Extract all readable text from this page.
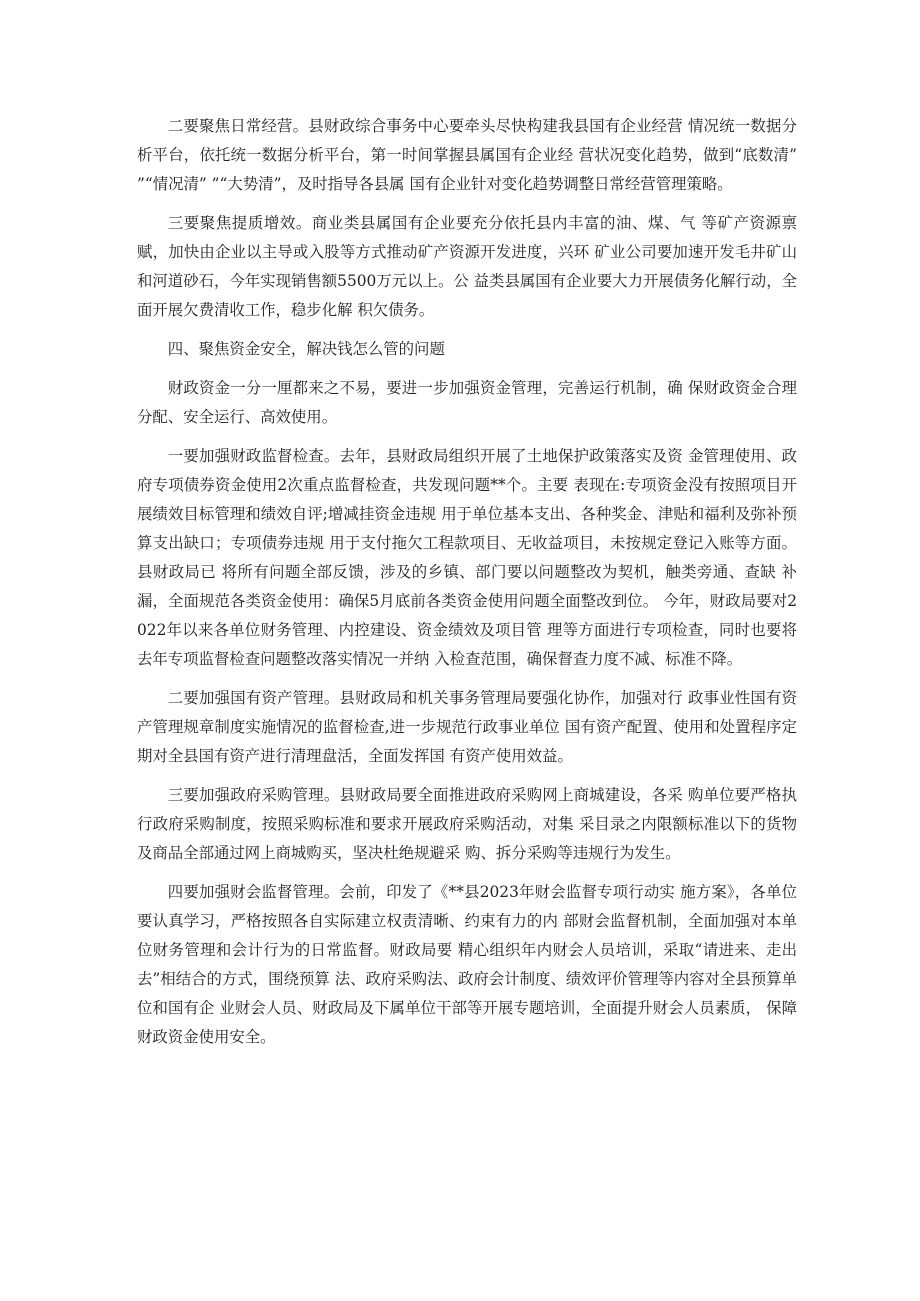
二要聚焦日常经营。县财政综合事务中心要牵头尽快构建我县国有企业经营 情况统一数据分析平台，依托统一数据分析平台，第一时间掌握县属国有企业经 营状况变化趋势，做到“底数清” ”“情况清” ”“大势清”，及时指导各县属 国有企业针对变化趋势调整日常经营管理策略。

三要聚焦提质增效。商业类县属国有企业要充分依托县内丰富的油、煤、气 等矿产资源禀赋，加快由企业以主导或入股等方式推动矿产资源开发进度，兴环 矿业公司要加速开发毛井矿山和河道砂石，今年实现销售额5500万元以上。公 益类县属国有企业要大力开展债务化解行动，全面开展欠费清收工作，稳步化解 积欠债务。

四、聚焦资金安全，解决钱怎么管的问题

财政资金一分一厘都来之不易，要进一步加强资金管理，完善运行机制，确 保财政资金合理分配、安全运行、高效使用。

一要加强财政监督检查。去年，县财政局组织开展了土地保护政策落实及资 金管理使用、政府专项债券资金使用2次重点监督检查，共发现问题**个。主要 表现在:专项资金没有按照项目开展绩效目标管理和绩效自评;增减挂资金违规 用于单位基本支出、各种奖金、津贴和福利及弥补预算支出缺口；专项债券违规 用于支付拖欠工程款项目、无收益项目，未按规定登记入账等方面。县财政局已 将所有问题全部反馈，涉及的乡镇、部门要以问题整改为契机，触类旁通、查缺 补漏，全面规范各类资金使用：确保5月底前各类资金使用问题全面整改到位。 今年，财政局要对2022年以来各单位财务管理、内控建设、资金绩效及项目管 理等方面进行专项检查，同时也要将去年专项监督检查问题整改落实情况一并纳 入检查范围，确保督查力度不减、标准不降。

二要加强国有资产管理。县财政局和机关事务管理局要强化协作，加强对行 政事业性国有资产管理规章制度实施情况的监督检查,进一步规范行政事业单位 国有资产配置、使用和处置程序定期对全县国有资产进行清理盘活，全面发挥国 有资产使用效益。

三要加强政府采购管理。县财政局要全面推进政府采购网上商城建设，各采 购单位要严格执行政府采购制度，按照采购标准和要求开展政府采购活动，对集 采目录之内限额标准以下的货物及商品全部通过网上商城购买，坚决杜绝规避采 购、拆分采购等违规行为发生。

四要加强财会监督管理。会前，印发了《**县2023年财会监督专项行动实 施方案》，各单位要认真学习，严格按照各自实际建立权责清晰、约束有力的内 部财会监督机制，全面加强对本单位财务管理和会计行为的日常监督。财政局要 精心组织年内财会人员培训，采取“请进来、走出去”相结合的方式，围绕预算 法、政府采购法、政府会计制度、绩效评价管理等内容对全县预算单位和国有企 业财会人员、财政局及下属单位干部等开展专题培训，全面提升财会人员素质， 保障财政资金使用安全。
